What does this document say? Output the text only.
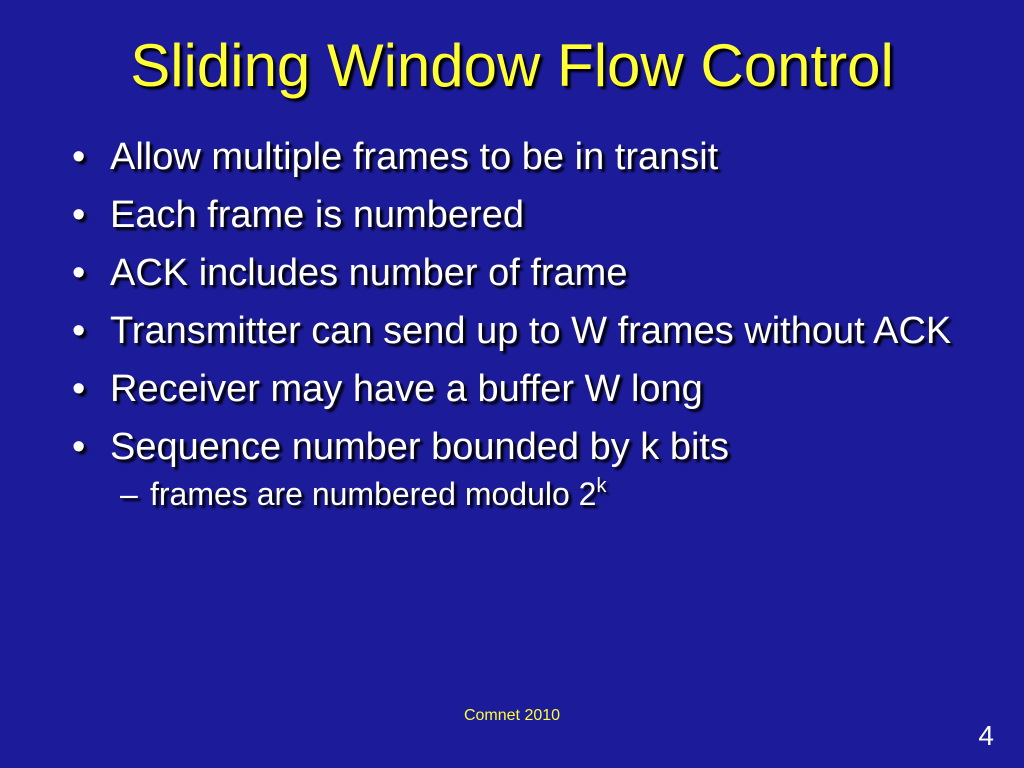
Sliding Window Flow Control
• Allow multiple frames to be in transit
• Each frame is numbered
• ACK includes number of frame
• Transmitter can send up to W frames without ACK
• Receiver may have a buffer W long
• Sequence number bounded by k bits
– frames are numbered modulo 2$^k$
Comnet 2010
4
